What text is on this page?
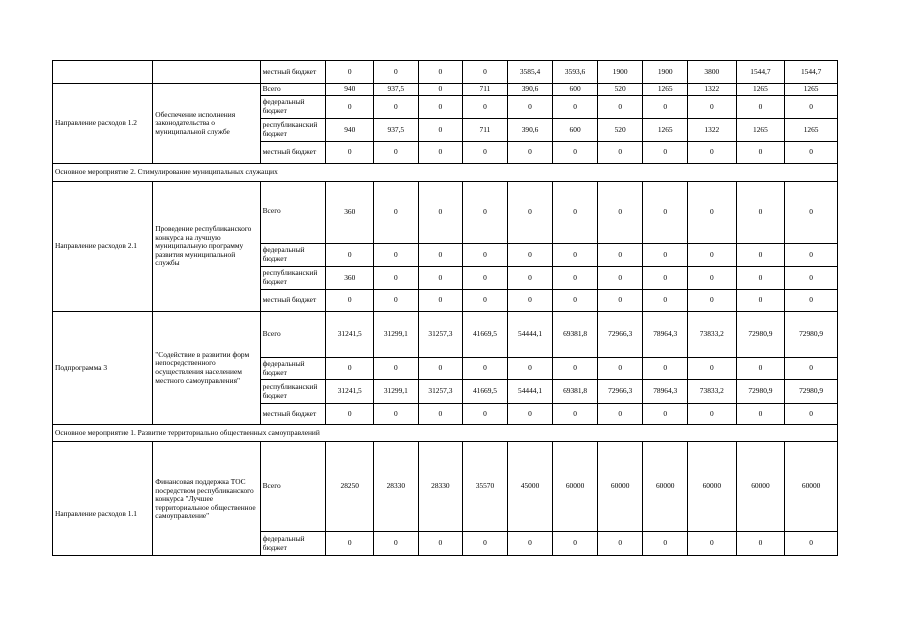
		местный бюджет	0	0	0	0	3585,4	3593,6	1900	1900	3800	1544,7	1544,7
Направление расходов 1.2	Обеспечение исполнения законодательства о муниципальной службе	Всего	940	937,5	0	711	390,6	600	520	1265	1322	1265	1265
		федеральный бюджет	0	0	0	0	0	0	0	0	0	0	0
		республиканский бюджет	940	937,5	0	711	390,6	600	520	1265	1322	1265	1265
		местный бюджет	0	0	0	0	0	0	0	0	0	0	0
Основное мероприятие 2. Стимулирование муниципальных служащих													
Направление расходов 2.1	Проведение республиканского конкурса на лучшую муниципальную программу развития муниципальной службы	Всего	360	0	0	0	0	0	0	0	0	0	0
		федеральный бюджет	0	0	0	0	0	0	0	0	0	0	0
		республиканский бюджет	360	0	0	0	0	0	0	0	0	0	0
		местный бюджет	0	0	0	0	0	0	0	0	0	0	0
Подпрограмма 3	"Содействие в развитии форм непосредственного осуществления населением местного самоуправления"	Всего	31241,5	31299,1	31257,3	41669,5	54444,1	69381,8	72966,3	78964,3	73833,2	72980,9	72980,9
		федеральный бюджет	0	0	0	0	0	0	0	0	0	0	0
		республиканский бюджет	31241,5	31299,1	31257,3	41669,5	54444,1	69381,8	72966,3	78964,3	73833,2	72980,9	72980,9
		местный бюджет	0	0	0	0	0	0	0	0	0	0	0
Основное мероприятие 1. Развитие территориально общественных самоуправлений													
Направление расходов 1.1	Финансовая поддержка ТОС посредством республиканского конкурса "Лучшее территориальное общественное самоуправление"	Всего	28250	28330	28330	35570	45000	60000	60000	60000	60000	60000	60000
		федеральный бюджет	0	0	0	0	0	0	0	0	0	0	0
